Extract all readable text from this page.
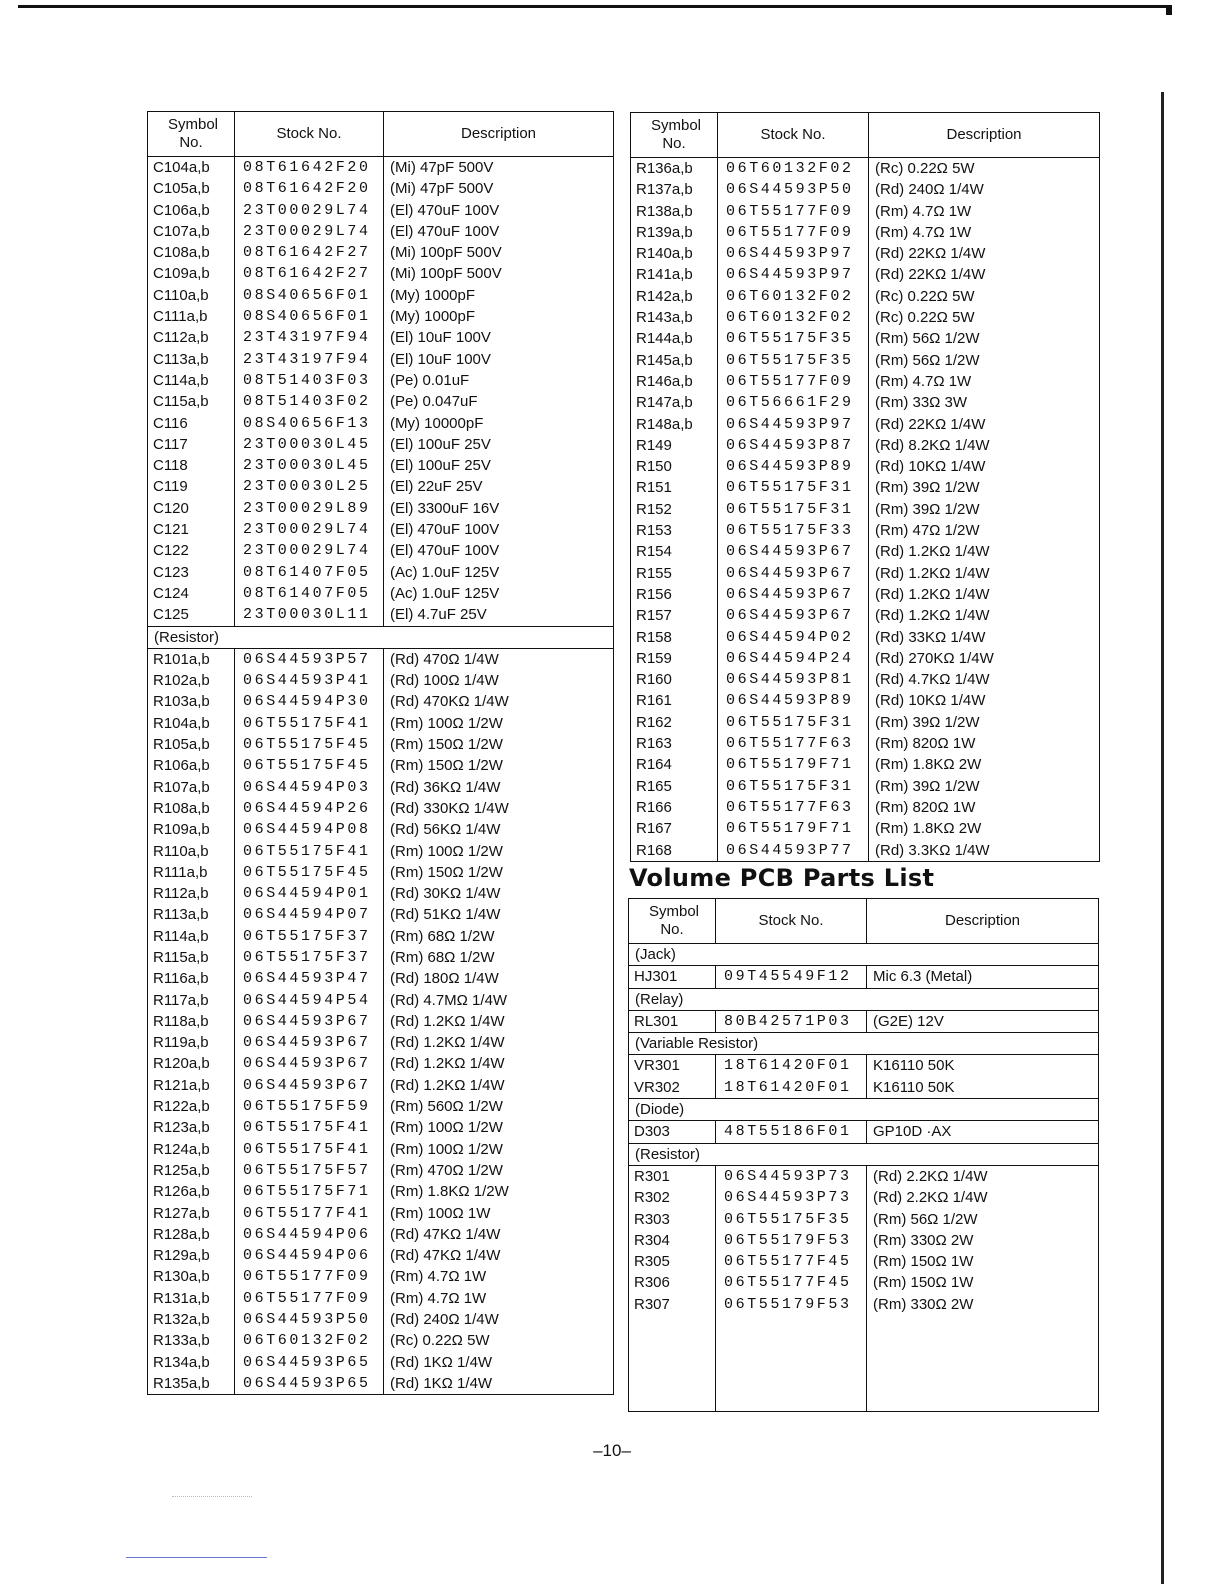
Symbol No.	Stock No.	Description
C104a,b	08T61642F20	(Mi) 47pF 500V
C105a,b	08T61642F20	(Mi) 47pF 500V
C106a,b	23T00029L74	(El) 470uF 100V
C107a,b	23T00029L74	(El) 470uF 100V
C108a,b	08T61642F27	(Mi) 100pF 500V
C109a,b	08T61642F27	(Mi) 100pF 500V
C110a,b	08S40656F01	(My) 1000pF
C111a,b	08S40656F01	(My) 1000pF
C112a,b	23T43197F94	(El) 10uF 100V
C113a,b	23T43197F94	(El) 10uF 100V
C114a,b	08T51403F03	(Pe) 0.01uF
C115a,b	08T51403F02	(Pe) 0.047uF
C116	08S40656F13	(My) 10000pF
C117	23T00030L45	(El) 100uF 25V
C118	23T00030L45	(El) 100uF 25V
C119	23T00030L25	(El) 22uF 25V
C120	23T00029L89	(El) 3300uF 16V
C121	23T00029L74	(El) 470uF 100V
C122	23T00029L74	(El) 470uF 100V
C123	08T61407F05	(Ac) 1.0uF 125V
C124	08T61407F05	(Ac) 1.0uF 125V
C125	23T00030L11	(El) 4.7uF 25V
(Resistor)		
R101a,b	06S44593P57	(Rd) 470Ω 1/4W
R102a,b	06S44593P41	(Rd) 100Ω 1/4W
R103a,b	06S44594P30	(Rd) 470KΩ 1/4W
R104a,b	06T55175F41	(Rm) 100Ω 1/2W
R105a,b	06T55175F45	(Rm) 150Ω 1/2W
R106a,b	06T55175F45	(Rm) 150Ω 1/2W
R107a,b	06S44594P03	(Rd) 36KΩ 1/4W
R108a,b	06S44594P26	(Rd) 330KΩ 1/4W
R109a,b	06S44594P08	(Rd) 56KΩ 1/4W
R110a,b	06T55175F41	(Rm) 100Ω 1/2W
R111a,b	06T55175F45	(Rm) 150Ω 1/2W
R112a,b	06S44594P01	(Rd) 30KΩ 1/4W
R113a,b	06S44594P07	(Rd) 51KΩ 1/4W
R114a,b	06T55175F37	(Rm) 68Ω 1/2W
R115a,b	06T55175F37	(Rm) 68Ω 1/2W
R116a,b	06S44593P47	(Rd) 180Ω 1/4W
R117a,b	06S44594P54	(Rd) 4.7MΩ 1/4W
R118a,b	06S44593P67	(Rd) 1.2KΩ 1/4W
R119a,b	06S44593P67	(Rd) 1.2KΩ 1/4W
R120a,b	06S44593P67	(Rd) 1.2KΩ 1/4W
R121a,b	06S44593P67	(Rd) 1.2KΩ 1/4W
R122a,b	06T55175F59	(Rm) 560Ω 1/2W
R123a,b	06T55175F41	(Rm) 100Ω 1/2W
R124a,b	06T55175F41	(Rm) 100Ω 1/2W
R125a,b	06T55175F57	(Rm) 470Ω 1/2W
R126a,b	06T55175F71	(Rm) 1.8KΩ 1/2W
R127a,b	06T55177F41	(Rm) 100Ω 1W
R128a,b	06S44594P06	(Rd) 47KΩ 1/4W
R129a,b	06S44594P06	(Rd) 47KΩ 1/4W
R130a,b	06T55177F09	(Rm) 4.7Ω 1W
R131a,b	06T55177F09	(Rm) 4.7Ω 1W
R132a,b	06S44593P50	(Rd) 240Ω 1/4W
R133a,b	06T60132F02	(Rc) 0.22Ω 5W
R134a,b	06S44593P65	(Rd) 1KΩ 1/4W
R135a,b	06S44593P65	(Rd) 1KΩ 1/4W
Symbol No.	Stock No.	Description
R136a,b	06T60132F02	(Rc) 0.22Ω 5W
R137a,b	06S44593P50	(Rd) 240Ω 1/4W
R138a,b	06T55177F09	(Rm) 4.7Ω 1W
R139a,b	06T55177F09	(Rm) 4.7Ω 1W
R140a,b	06S44593P97	(Rd) 22KΩ 1/4W
R141a,b	06S44593P97	(Rd) 22KΩ 1/4W
R142a,b	06T60132F02	(Rc) 0.22Ω 5W
R143a,b	06T60132F02	(Rc) 0.22Ω 5W
R144a,b	06T55175F35	(Rm) 56Ω 1/2W
R145a,b	06T55175F35	(Rm) 56Ω 1/2W
R146a,b	06T55177F09	(Rm) 4.7Ω 1W
R147a,b	06T56661F29	(Rm) 33Ω 3W
R148a,b	06S44593P97	(Rd) 22KΩ 1/4W
R149	06S44593P87	(Rd) 8.2KΩ 1/4W
R150	06S44593P89	(Rd) 10KΩ 1/4W
R151	06T55175F31	(Rm) 39Ω 1/2W
R152	06T55175F31	(Rm) 39Ω 1/2W
R153	06T55175F33	(Rm) 47Ω 1/2W
R154	06S44593P67	(Rd) 1.2KΩ 1/4W
R155	06S44593P67	(Rd) 1.2KΩ 1/4W
R156	06S44593P67	(Rd) 1.2KΩ 1/4W
R157	06S44593P67	(Rd) 1.2KΩ 1/4W
R158	06S44594P02	(Rd) 33KΩ 1/4W
R159	06S44594P24	(Rd) 270KΩ 1/4W
R160	06S44593P81	(Rd) 4.7KΩ 1/4W
R161	06S44593P89	(Rd) 10KΩ 1/4W
R162	06T55175F31	(Rm) 39Ω 1/2W
R163	06T55177F63	(Rm) 820Ω 1W
R164	06T55179F71	(Rm) 1.8KΩ 2W
R165	06T55175F31	(Rm) 39Ω 1/2W
R166	06T55177F63	(Rm) 820Ω 1W
R167	06T55179F71	(Rm) 1.8KΩ 2W
R168	06S44593P77	(Rd) 3.3KΩ 1/4W
Volume PCB Parts List
Symbol No.	Stock No.	Description
(Jack)		
HJ301	09T45549F12	Mic 6.3 (Metal)
(Relay)		
RL301	80B42571P03	(G2E) 12V
(Variable Resistor)		
VR301	18T61420F01	K16110 50K
VR302	18T61420F01	K16110 50K
(Diode)		
D303	48T55186F01	GP10D ·AX
(Resistor)		
R301	06S44593P73	(Rd) 2.2KΩ 1/4W
R302	06S44593P73	(Rd) 2.2KΩ 1/4W
R303	06T55175F35	(Rm) 56Ω 1/2W
R304	06T55179F53	(Rm) 330Ω 2W
R305	06T55177F45	(Rm) 150Ω 1W
R306	06T55177F45	(Rm) 150Ω 1W
R307	06T55179F53	(Rm) 330Ω 2W

–10–
